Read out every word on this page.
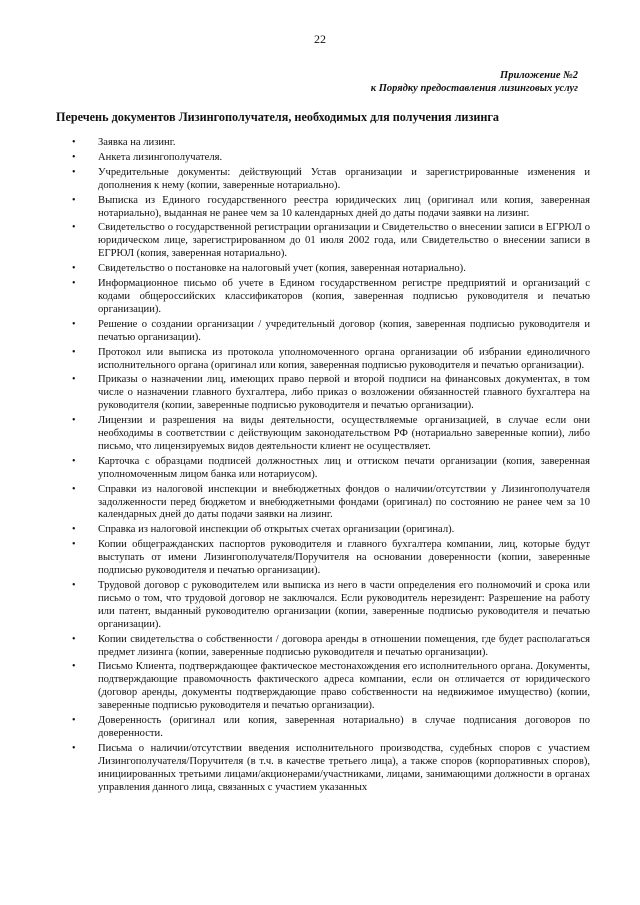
22
Приложение №2
к Порядку предоставления лизинговых услуг
Перечень документов Лизингополучателя, необходимых для получения лизинга
• Заявка на лизинг.
• Анкета лизингополучателя.
• Учредительные документы: действующий Устав организации и зарегистрированные изменения и дополнения к нему (копии, заверенные нотариально).
• Выписка из Единого государственного реестра юридических лиц (оригинал или копия, заверенная нотариально), выданная не ранее чем за 10 календарных дней до даты подачи заявки на лизинг.
• Свидетельство о государственной регистрации организации и Свидетельство о внесении записи в ЕГРЮЛ о юридическом лице, зарегистрированном до 01 июля 2002 года, или Свидетельство о внесении записи в ЕГРЮЛ (копия, заверенная нотариально).
• Свидетельство о постановке на налоговый учет (копия, заверенная нотариально).
• Информационное письмо об учете в Едином государственном регистре предприятий и организаций с кодами общероссийских классификаторов (копия, заверенная подписью руководителя и печатью организации).
• Решение о создании организации / учредительный договор (копия, заверенная подписью руководителя и печатью организации).
• Протокол или выписка из протокола уполномоченного органа организации об избрании единоличного исполнительного органа (оригинал или копия, заверенная подписью руководителя и печатью организации).
• Приказы о назначении лиц, имеющих право первой и второй подписи на финансовых документах, в том числе о назначении главного бухгалтера, либо приказ о возложении обязанностей главного бухгалтера на руководителя (копии, заверенные подписью руководителя и печатью организации).
• Лицензии и разрешения на виды деятельности, осуществляемые организацией, в случае если они необходимы в соответствии с действующим законодательством РФ (нотариально заверенные копии), либо письмо, что лицензируемых видов деятельности клиент не осуществляет.
• Карточка с образцами подписей должностных лиц и оттиском печати организации (копия, заверенная уполномоченным лицом банка или нотариусом).
• Справки из налоговой инспекции и внебюджетных фондов о наличии/отсутствии у Лизингополучателя задолженности перед бюджетом и внебюджетными фондами (оригинал) по состоянию не ранее чем за 10 календарных дней до даты подачи заявки на лизинг.
• Справка из налоговой инспекции об открытых счетах организации (оригинал).
• Копии общегражданских паспортов руководителя и главного бухгалтера компании, лиц, которые будут выступать от имени Лизингополучателя/Поручителя на основании доверенности (копии, заверенные подписью руководителя и печатью организации).
• Трудовой договор с руководителем или выписка из него в части определения его полномочий и срока или письмо о том, что трудовой договор не заключался. Если руководитель нерезидент: Разрешение на работу или патент, выданный руководителю организации (копии, заверенные подписью руководителя и печатью организации).
• Копии свидетельства о собственности / договора аренды в отношении помещения, где будет располагаться предмет лизинга (копии, заверенные подписью руководителя и печатью организации).
• Письмо Клиента, подтверждающее фактическое местонахождения его исполнительного органа. Документы, подтверждающие правомочность фактического адреса компании, если он отличается от юридического (договор аренды, документы подтверждающие право собственности на недвижимое имущество) (копии, заверенные подписью руководителя и печатью организации).
• Доверенность (оригинал или копия, заверенная нотариально) в случае подписания договоров по доверенности.
• Письма о наличии/отсутствии введения исполнительного производства, судебных споров с участием Лизингополучателя/Поручителя (в т.ч. в качестве третьего лица), а также споров (корпоративных споров), инициированных третьими лицами/акционерами/участниками, лицами, занимающими должности в органах управления данного лица, связанных с участием указанных
